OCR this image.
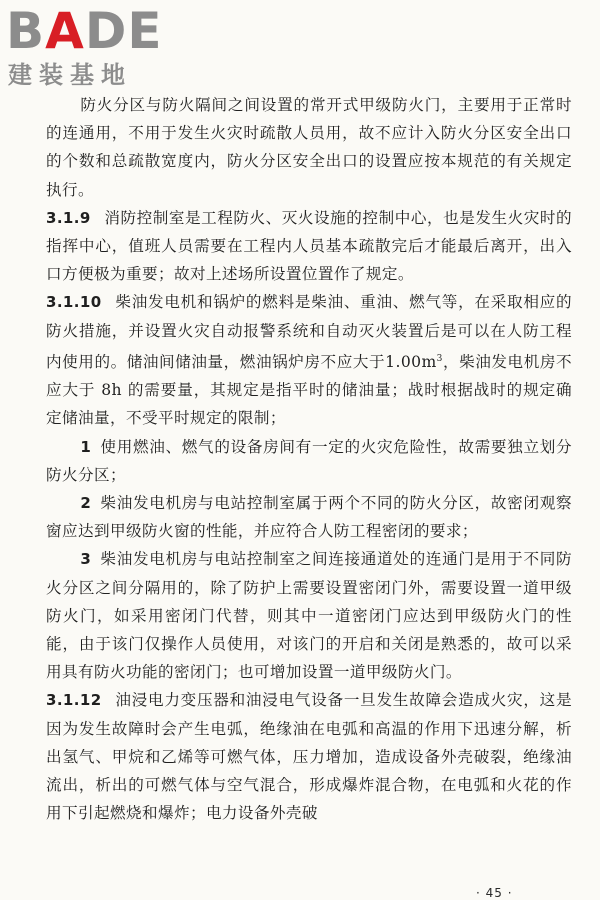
BADE
建装基地

防火分区与防火隔间之间设置的常开式甲级防火门，主要用于正常时的连通用，不用于发生火灾时疏散人员用，故不应计入防火分区安全出口的个数和总疏散宽度内，防火分区安全出口的设置应按本规范的有关规定执行。

3.1.9 消防控制室是工程防火、灭火设施的控制中心，也是发生火灾时的指挥中心，值班人员需要在工程内人员基本疏散完后才能最后离开，出入口方便极为重要；故对上述场所设置位置作了规定。

3.1.10 柴油发电机和锅炉的燃料是柴油、重油、燃气等，在采取相应的防火措施，并设置火灾自动报警系统和自动灭火装置后是可以在人防工程内使用的。储油间储油量，燃油锅炉房不应大于$1.00m^3$，柴油发电机房不应大于 8h 的需要量，其规定是指平时的储油量；战时根据战时的规定确定储油量，不受平时规定的限制；

1 使用燃油、燃气的设备房间有一定的火灾危险性，故需要独立划分防火分区；

2 柴油发电机房与电站控制室属于两个不同的防火分区，故密闭观察窗应达到甲级防火窗的性能，并应符合人防工程密闭的要求；

3 柴油发电机房与电站控制室之间连接通道处的连通门是用于不同防火分区之间分隔用的，除了防护上需要设置密闭门外，需要设置一道甲级防火门，如采用密闭门代替，则其中一道密闭门应达到甲级防火门的性能，由于该门仅操作人员使用，对该门的开启和关闭是熟悉的，故可以采用具有防火功能的密闭门；也可增加设置一道甲级防火门。

3.1.12 油浸电力变压器和油浸电气设备一旦发生故障会造成火灾，这是因为发生故障时会产生电弧，绝缘油在电弧和高温的作用下迅速分解，析出氢气、甲烷和乙烯等可燃气体，压力增加，造成设备外壳破裂，绝缘油流出，析出的可燃气体与空气混合，形成爆炸混合物，在电弧和火花的作用下引起燃烧和爆炸；电力设备外壳破

· 45 ·
